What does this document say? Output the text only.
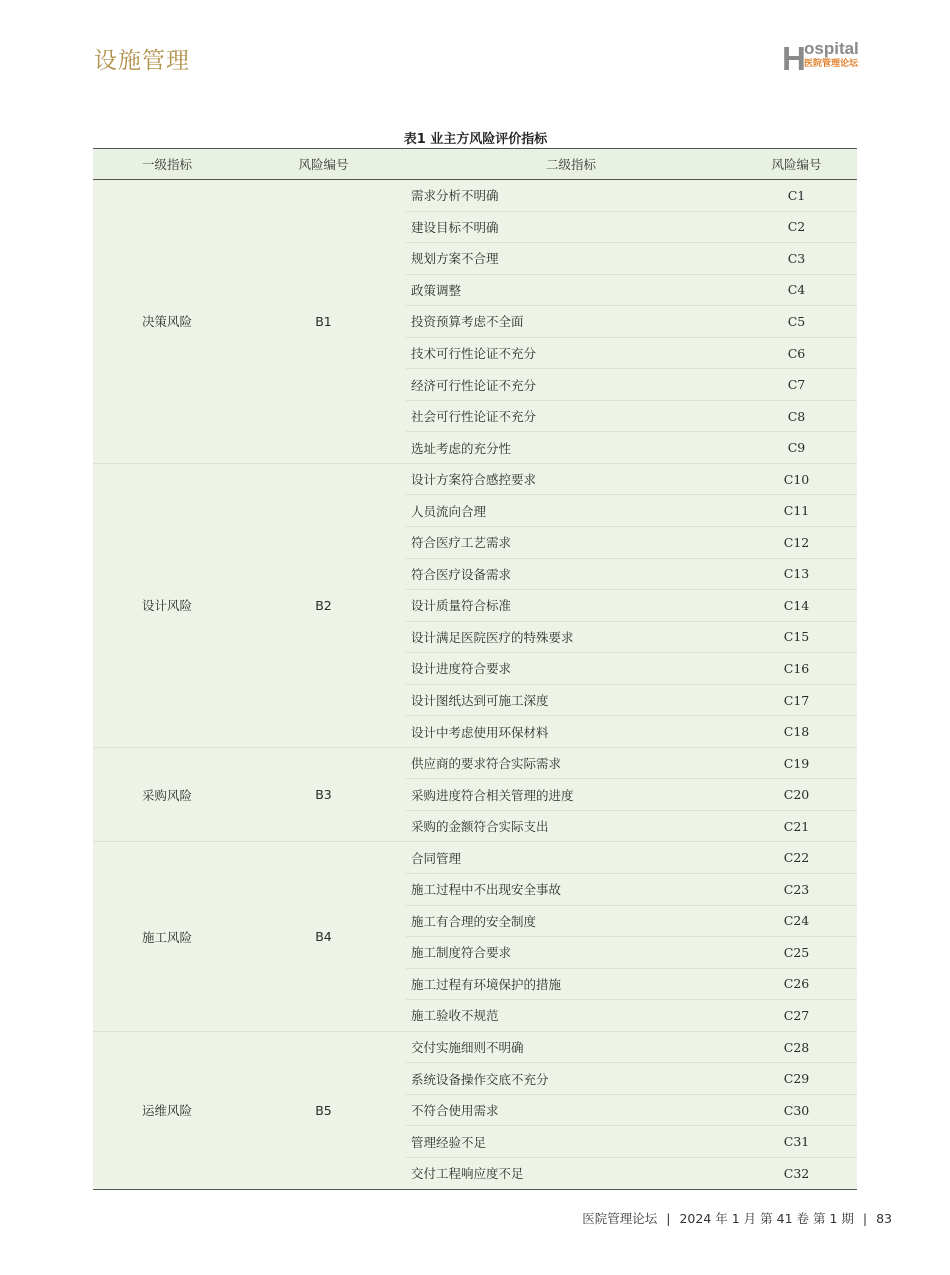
设施管理	H
ospital
医院管理论坛
表1 业主方风险评价指标
一级指标	风险编号	二级指标	风险编号
决策风险	B1	需求分析不明确	C1
		建设目标不明确	C2
		规划方案不合理	C3
		政策调整	C4
		投资预算考虑不全面	C5
		技术可行性论证不充分	C6
		经济可行性论证不充分	C7
		社会可行性论证不充分	C8
		选址考虑的充分性	C9
设计风险	B2	设计方案符合感控要求	C10
		人员流向合理	C11
		符合医疗工艺需求	C12
		符合医疗设备需求	C13
		设计质量符合标准	C14
		设计满足医院医疗的特殊要求	C15
		设计进度符合要求	C16
		设计图纸达到可施工深度	C17
		设计中考虑使用环保材料	C18
采购风险	B3	供应商的要求符合实际需求	C19
		采购进度符合相关管理的进度	C20
		采购的金额符合实际支出	C21
施工风险	B4	合同管理	C22
		施工过程中不出现安全事故	C23
		施工有合理的安全制度	C24
		施工制度符合要求	C25
		施工过程有环境保护的措施	C26
		施工验收不规范	C27
运维风险	B5	交付实施细则不明确	C28
		系统设备操作交底不充分	C29
		不符合使用需求	C30
		管理经验不足	C31
		交付工程响应度不足	C32
医院管理论坛 | 2024 年 1 月 第 41 卷 第 1 期 | 83
